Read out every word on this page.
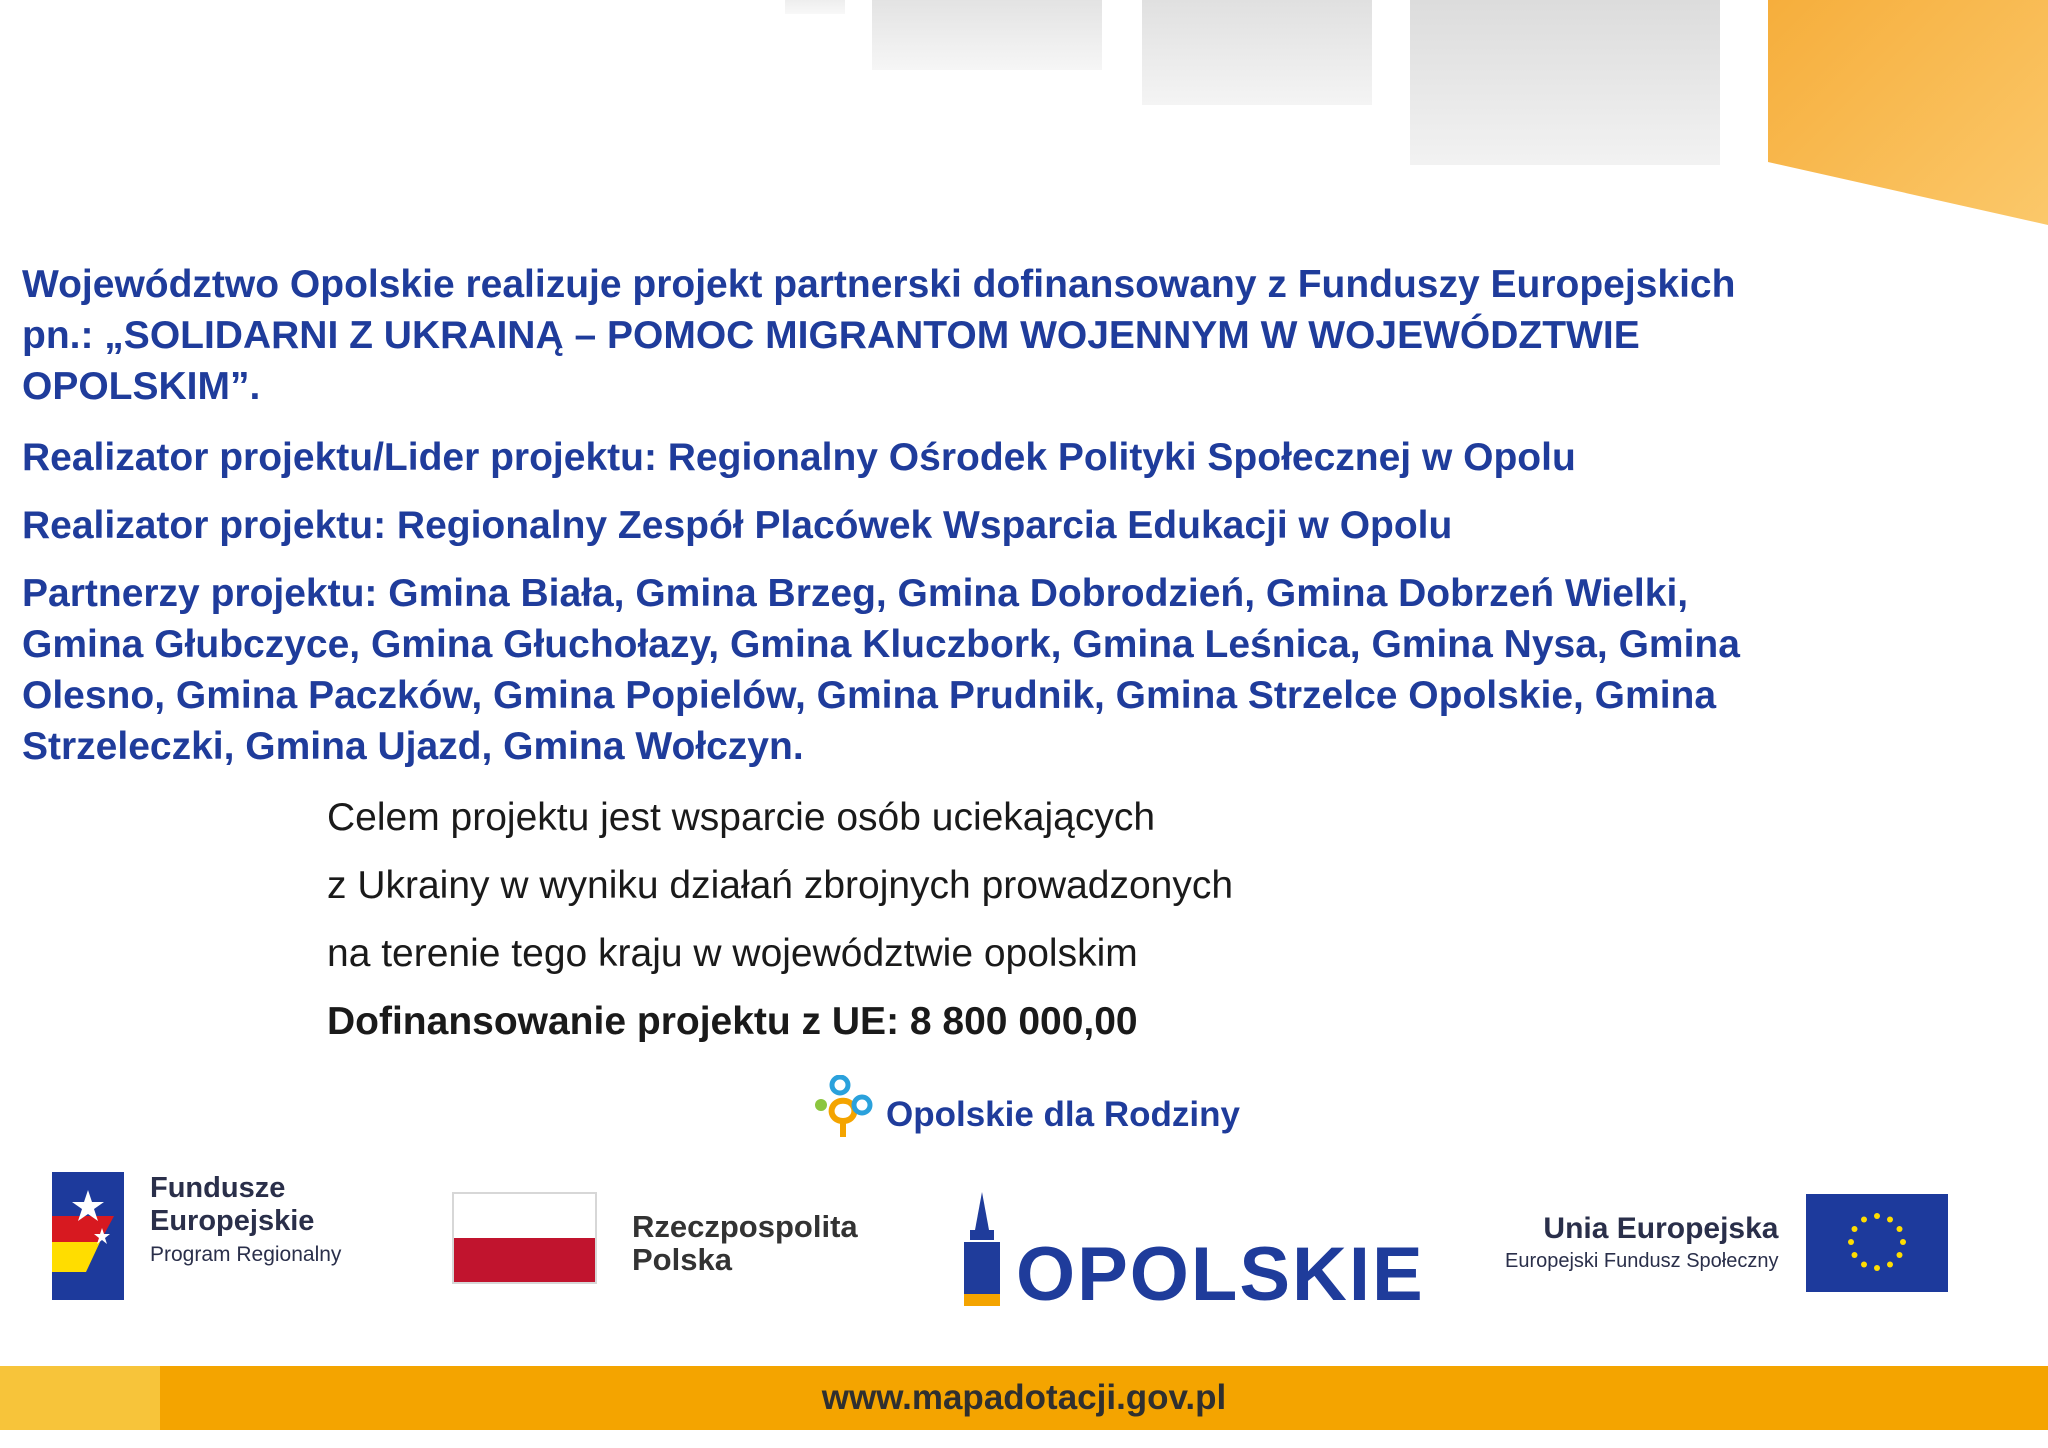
Województwo Opolskie realizuje projekt partnerski dofinansowany z Funduszy Europejskich
pn.: „SOLIDARNI Z UKRAINĄ – POMOC MIGRANTOM WOJENNYM W WOJEWÓDZTWIE
OPOLSKIM”.
Realizator projektu/Lider projektu: Regionalny Ośrodek Polityki Społecznej w Opolu
Realizator projektu: Regionalny Zespół Placówek Wsparcia Edukacji w Opolu
Partnerzy projektu: Gmina Biała, Gmina Brzeg, Gmina Dobrodzień, Gmina Dobrzeń Wielki,
Gmina Głubczyce, Gmina Głuchołazy, Gmina Kluczbork, Gmina Leśnica, Gmina Nysa, Gmina
Olesno, Gmina Paczków, Gmina Popielów, Gmina Prudnik, Gmina Strzelce Opolskie, Gmina
Strzeleczki, Gmina Ujazd, Gmina Wołczyn.
Celem projektu jest wsparcie osób uciekających
z Ukrainy w wyniku działań zbrojnych prowadzonych
na terenie tego kraju w województwie opolskim
Dofinansowanie projektu z UE: 8 800 000,00
Opolskie dla Rodziny
Fundusze
Europejskie
Program Regionalny
Rzeczpospolita
Polska	OPOLSKIE
Unia Europejska
Europejski Fundusz Społeczny
www.mapadotacji.gov.pl
